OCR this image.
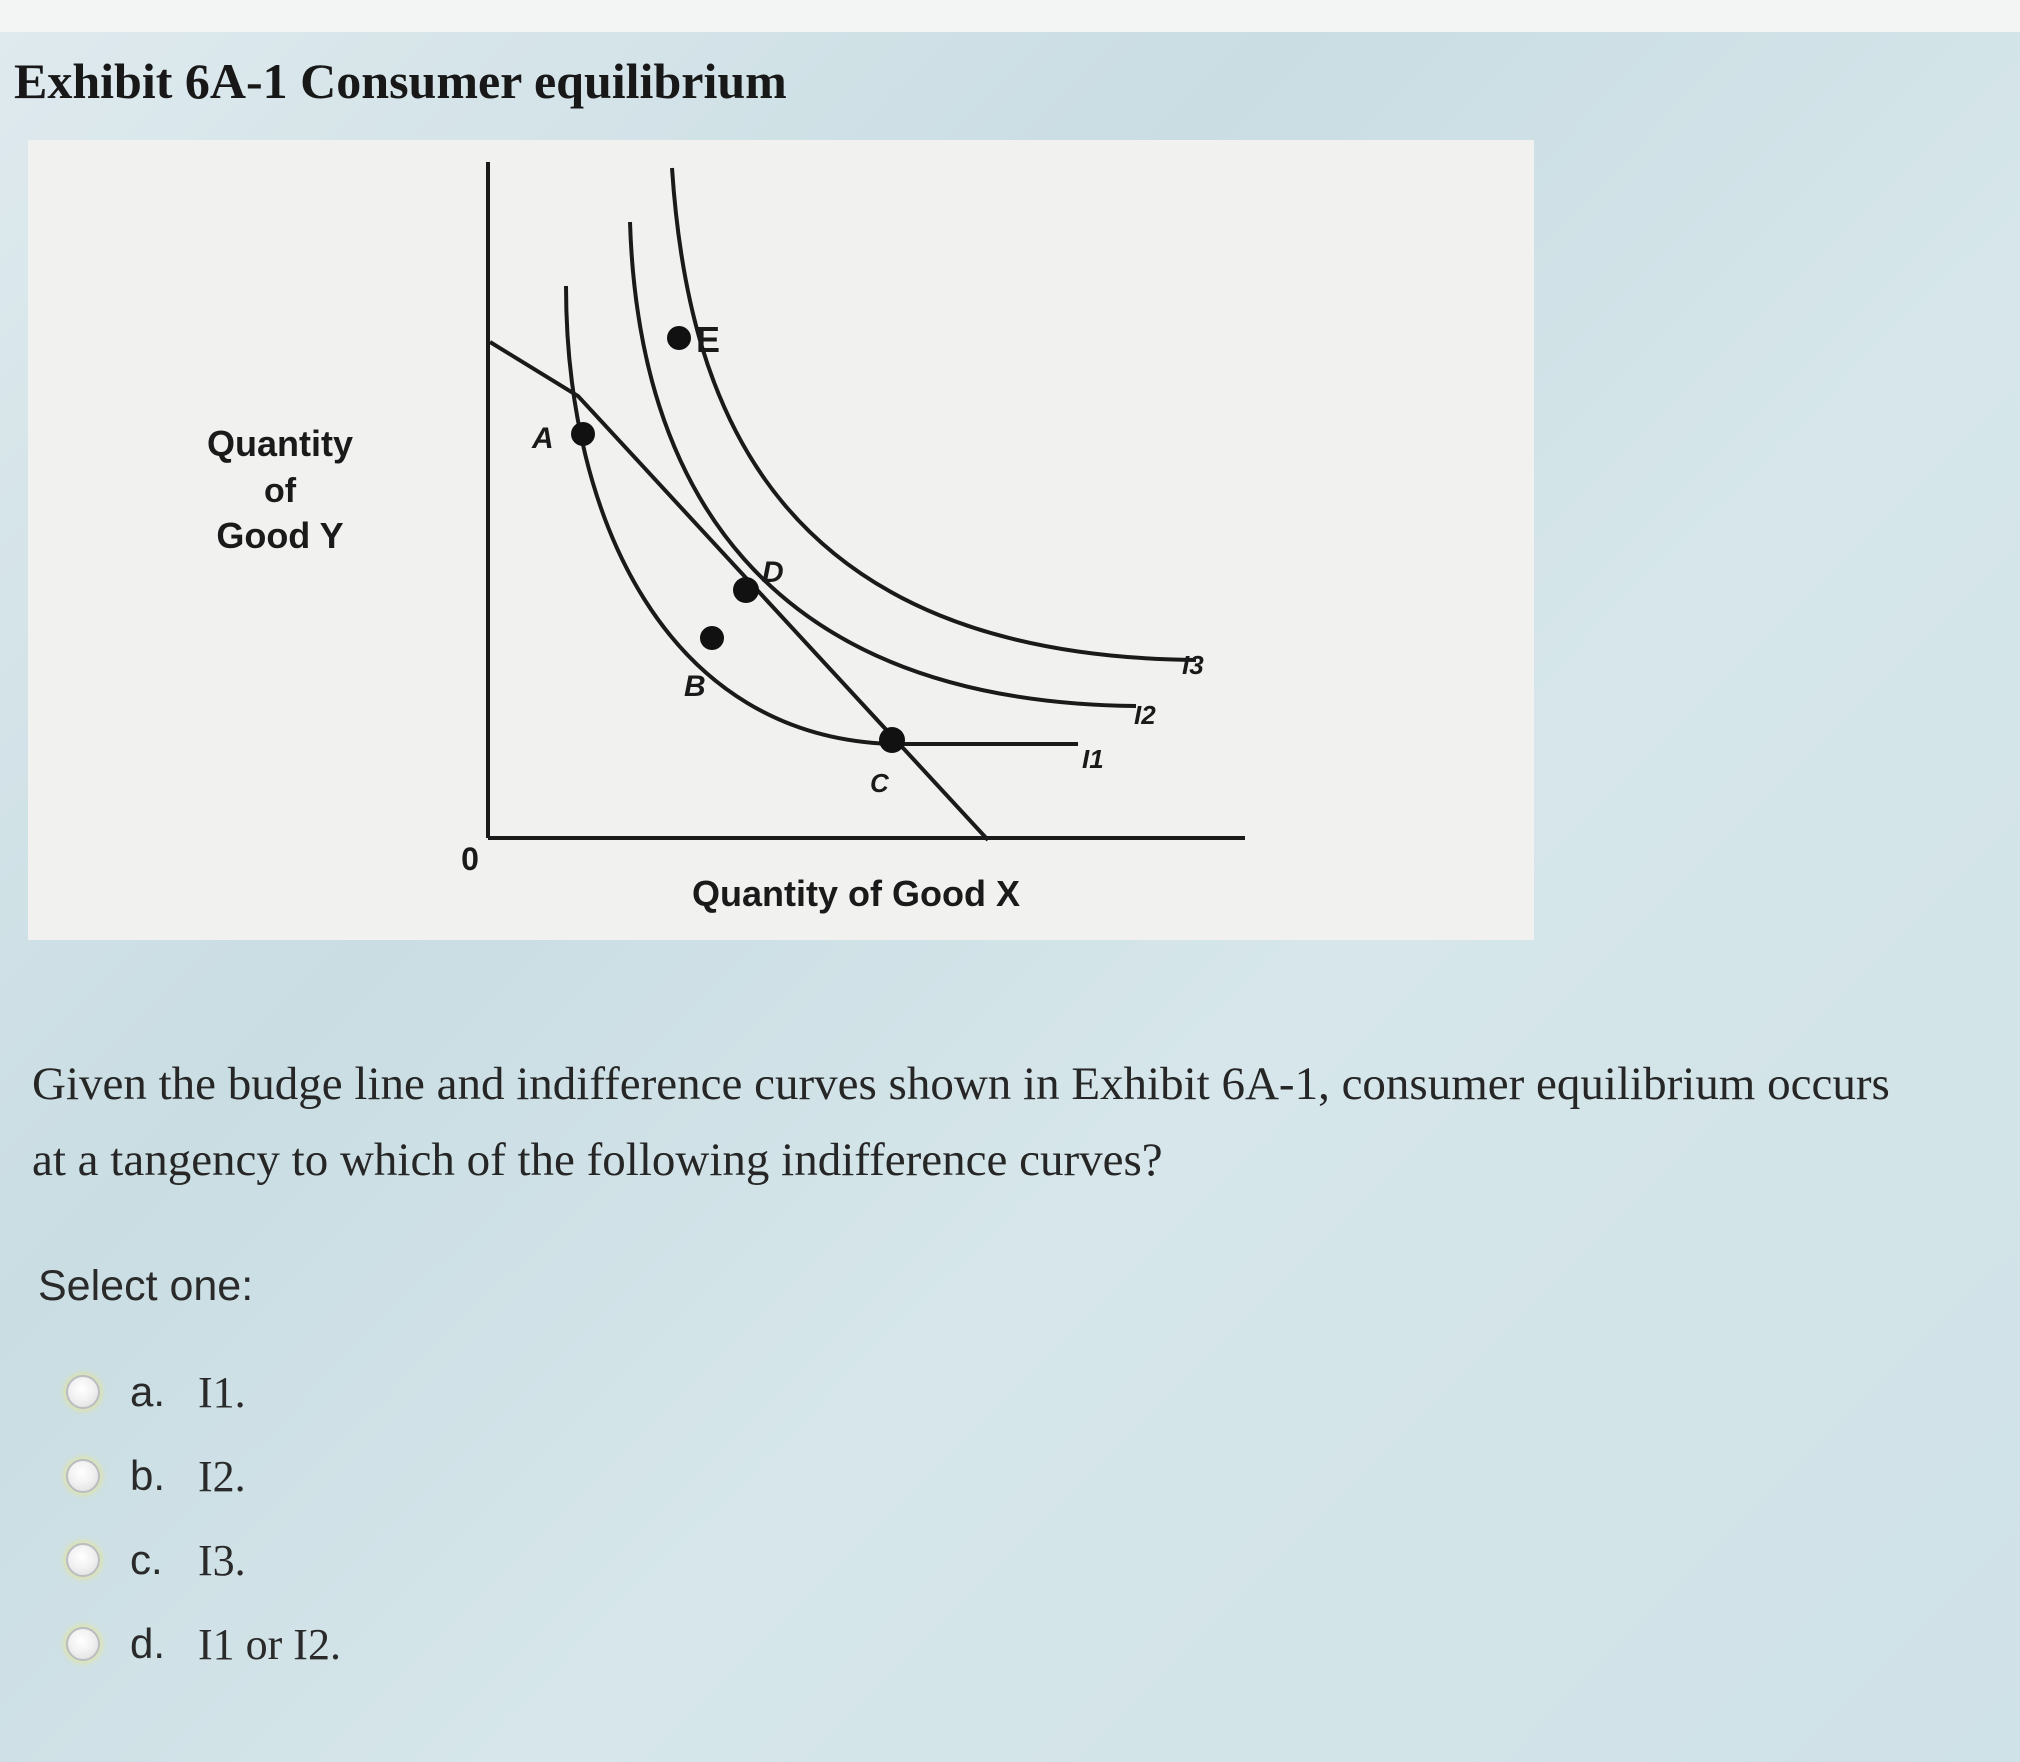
Exhibit 6A-1 Consumer equilibrium
A
E
D
B
C
I1
I2
I3
Quantity
of
Good Y
0
Quantity of Good X
Given the budge line and indifference curves shown in Exhibit 6A-1, consumer equilibrium occurs at a tangency to which of the following indifference curves?
Select one:
a. I1.
b. I2.
c. I3.
d. I1 or I2.
